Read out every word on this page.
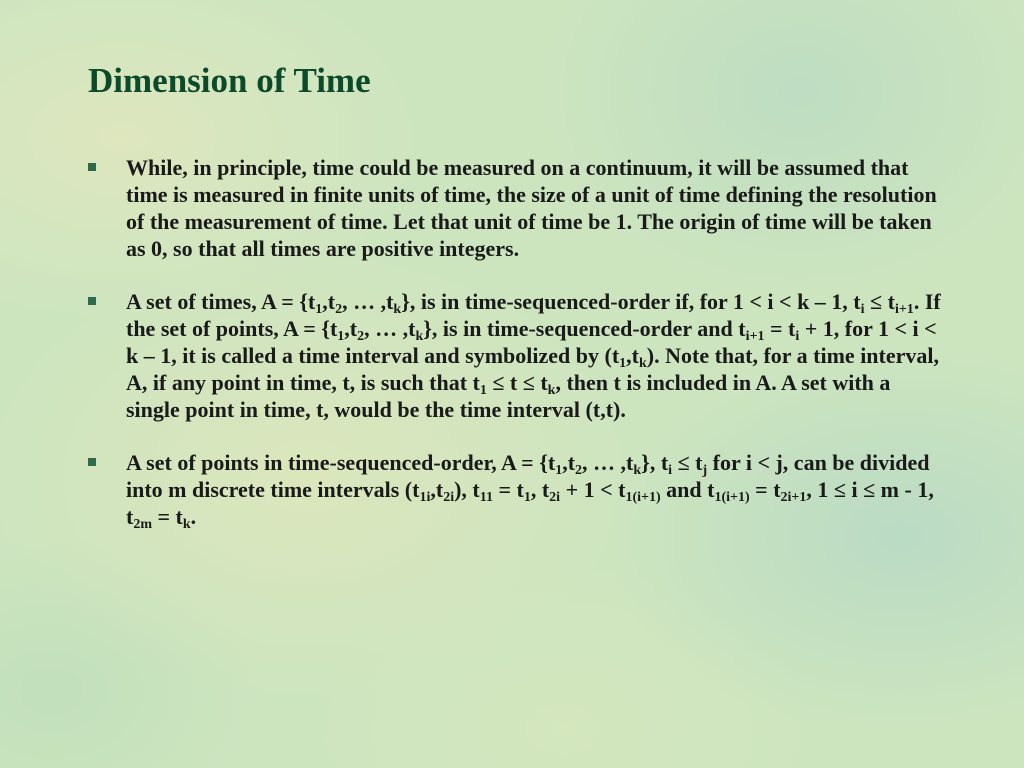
Dimension of Time
While, in principle, time could be measured on a continuum, it will be assumed that time is measured in finite units of time, the size of a unit of time defining the resolution of the measurement of time. Let that unit of time be 1. The origin of time will be taken as 0, so that all times are positive integers.
A set of times, $A = \{t_1,t_2$, … $,t_k$}, is in time-sequenced-order if, for 1 < i < k – 1, $t_i \le t_{i+1}$. If the set of points, $A = \{t_1,t_2$, … $,t_k$}, is in time-sequenced-order and $t_{i+1} = t_i + 1$, for 1 < i < k – 1, it is called a time interval and symbolized by $(t_1,t_k)$. Note that, for a time interval, A, if any point in time, t, is such that $t_1 \le t \le t_k$, then t is included in A. A set with a single point in time, t, would be the time interval (t,t).
A set of points in time-sequenced-order, $A = \{t_1,t_2$, … $,t_k$}, $t_i \le t_j$ for i < j, can be divided into m discrete time intervals $(t_{1i},t_{2i})$, $t_{11} = t_1$, $t_{2i} + 1 < t_{1(i+1)}$ and $t_{1(i+1)} = t_{2i+1}$, 1 ≤ i ≤ m - 1, $t_{2m} = t_k$.
